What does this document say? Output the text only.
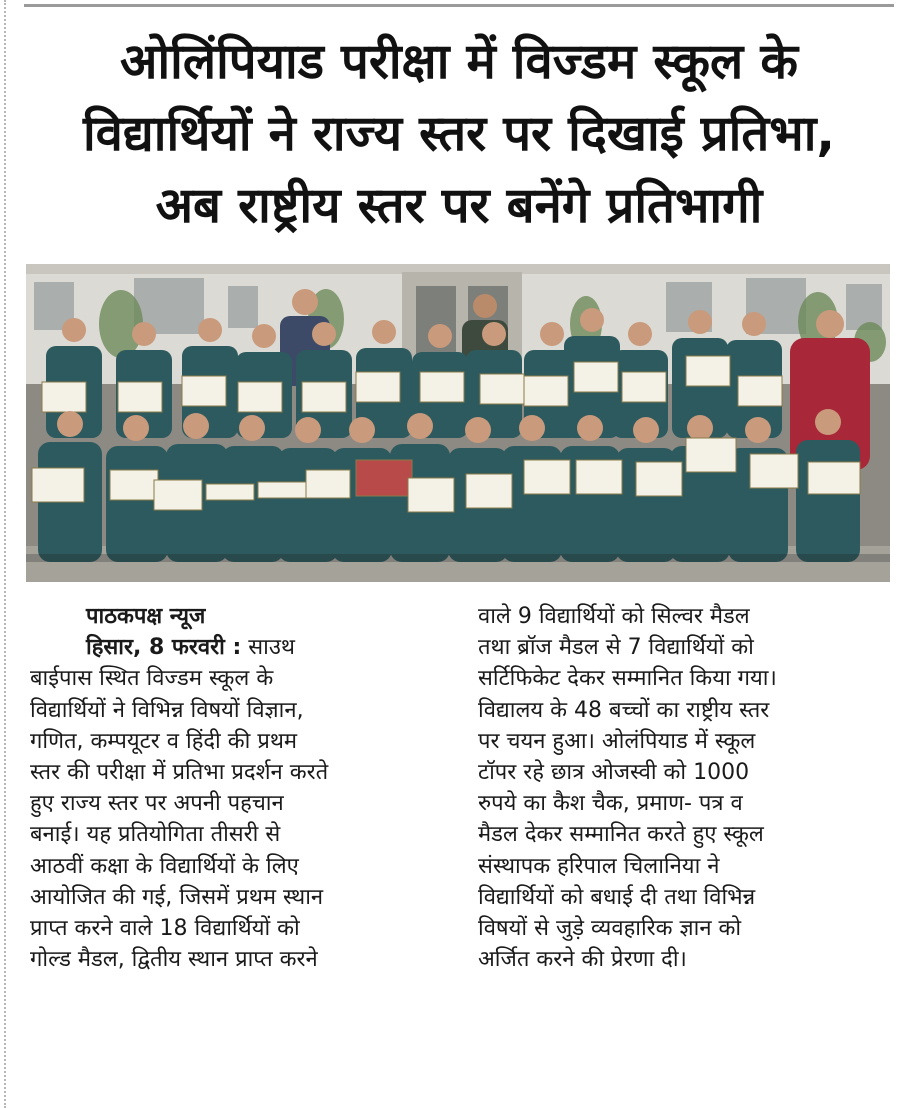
ओलिंपियाड परीक्षा में विज्डम स्कूल के
विद्यार्थियों ने राज्य स्तर पर दिखाई प्रतिभा,
अब राष्ट्रीय स्तर पर बनेंगे प्रतिभागी

पाठकपक्ष न्यूज

हिसार, 8 फरवरी : साउथ

बाईपास स्थित विज्डम स्कूल के

विद्यार्थियों ने विभिन्न विषयों विज्ञान,

गणित, कम्पयूटर व हिंदी की प्रथम

स्तर की परीक्षा में प्रतिभा प्रदर्शन करते

हुए राज्य स्तर पर अपनी पहचान

बनाई। यह प्रतियोगिता तीसरी से

आठवीं कक्षा के विद्यार्थियों के लिए

आयोजित की गई, जिसमें प्रथम स्थान

प्राप्त करने वाले 18 विद्यार्थियों को

गोल्ड मैडल, द्वितीय स्थान प्राप्त करने

वाले 9 विद्यार्थियों को सिल्वर मैडल

तथा ब्रॉज मैडल से 7 विद्यार्थियों को

सर्टिफिकेट देकर सम्मानित किया गया।

विद्यालय के 48 बच्चों का राष्ट्रीय स्तर

पर चयन हुआ। ओलंपियाड में स्कूल

टॉपर रहे छात्र ओजस्वी को 1000

रुपये का कैश चैक, प्रमाण- पत्र व

मैडल देकर सम्मानित करते हुए स्कूल

संस्थापक हरिपाल चिलानिया ने

विद्यार्थियों को बधाई दी तथा विभिन्न

विषयों से जुड़े व्यवहारिक ज्ञान को

अर्जित करने की प्रेरणा दी।
